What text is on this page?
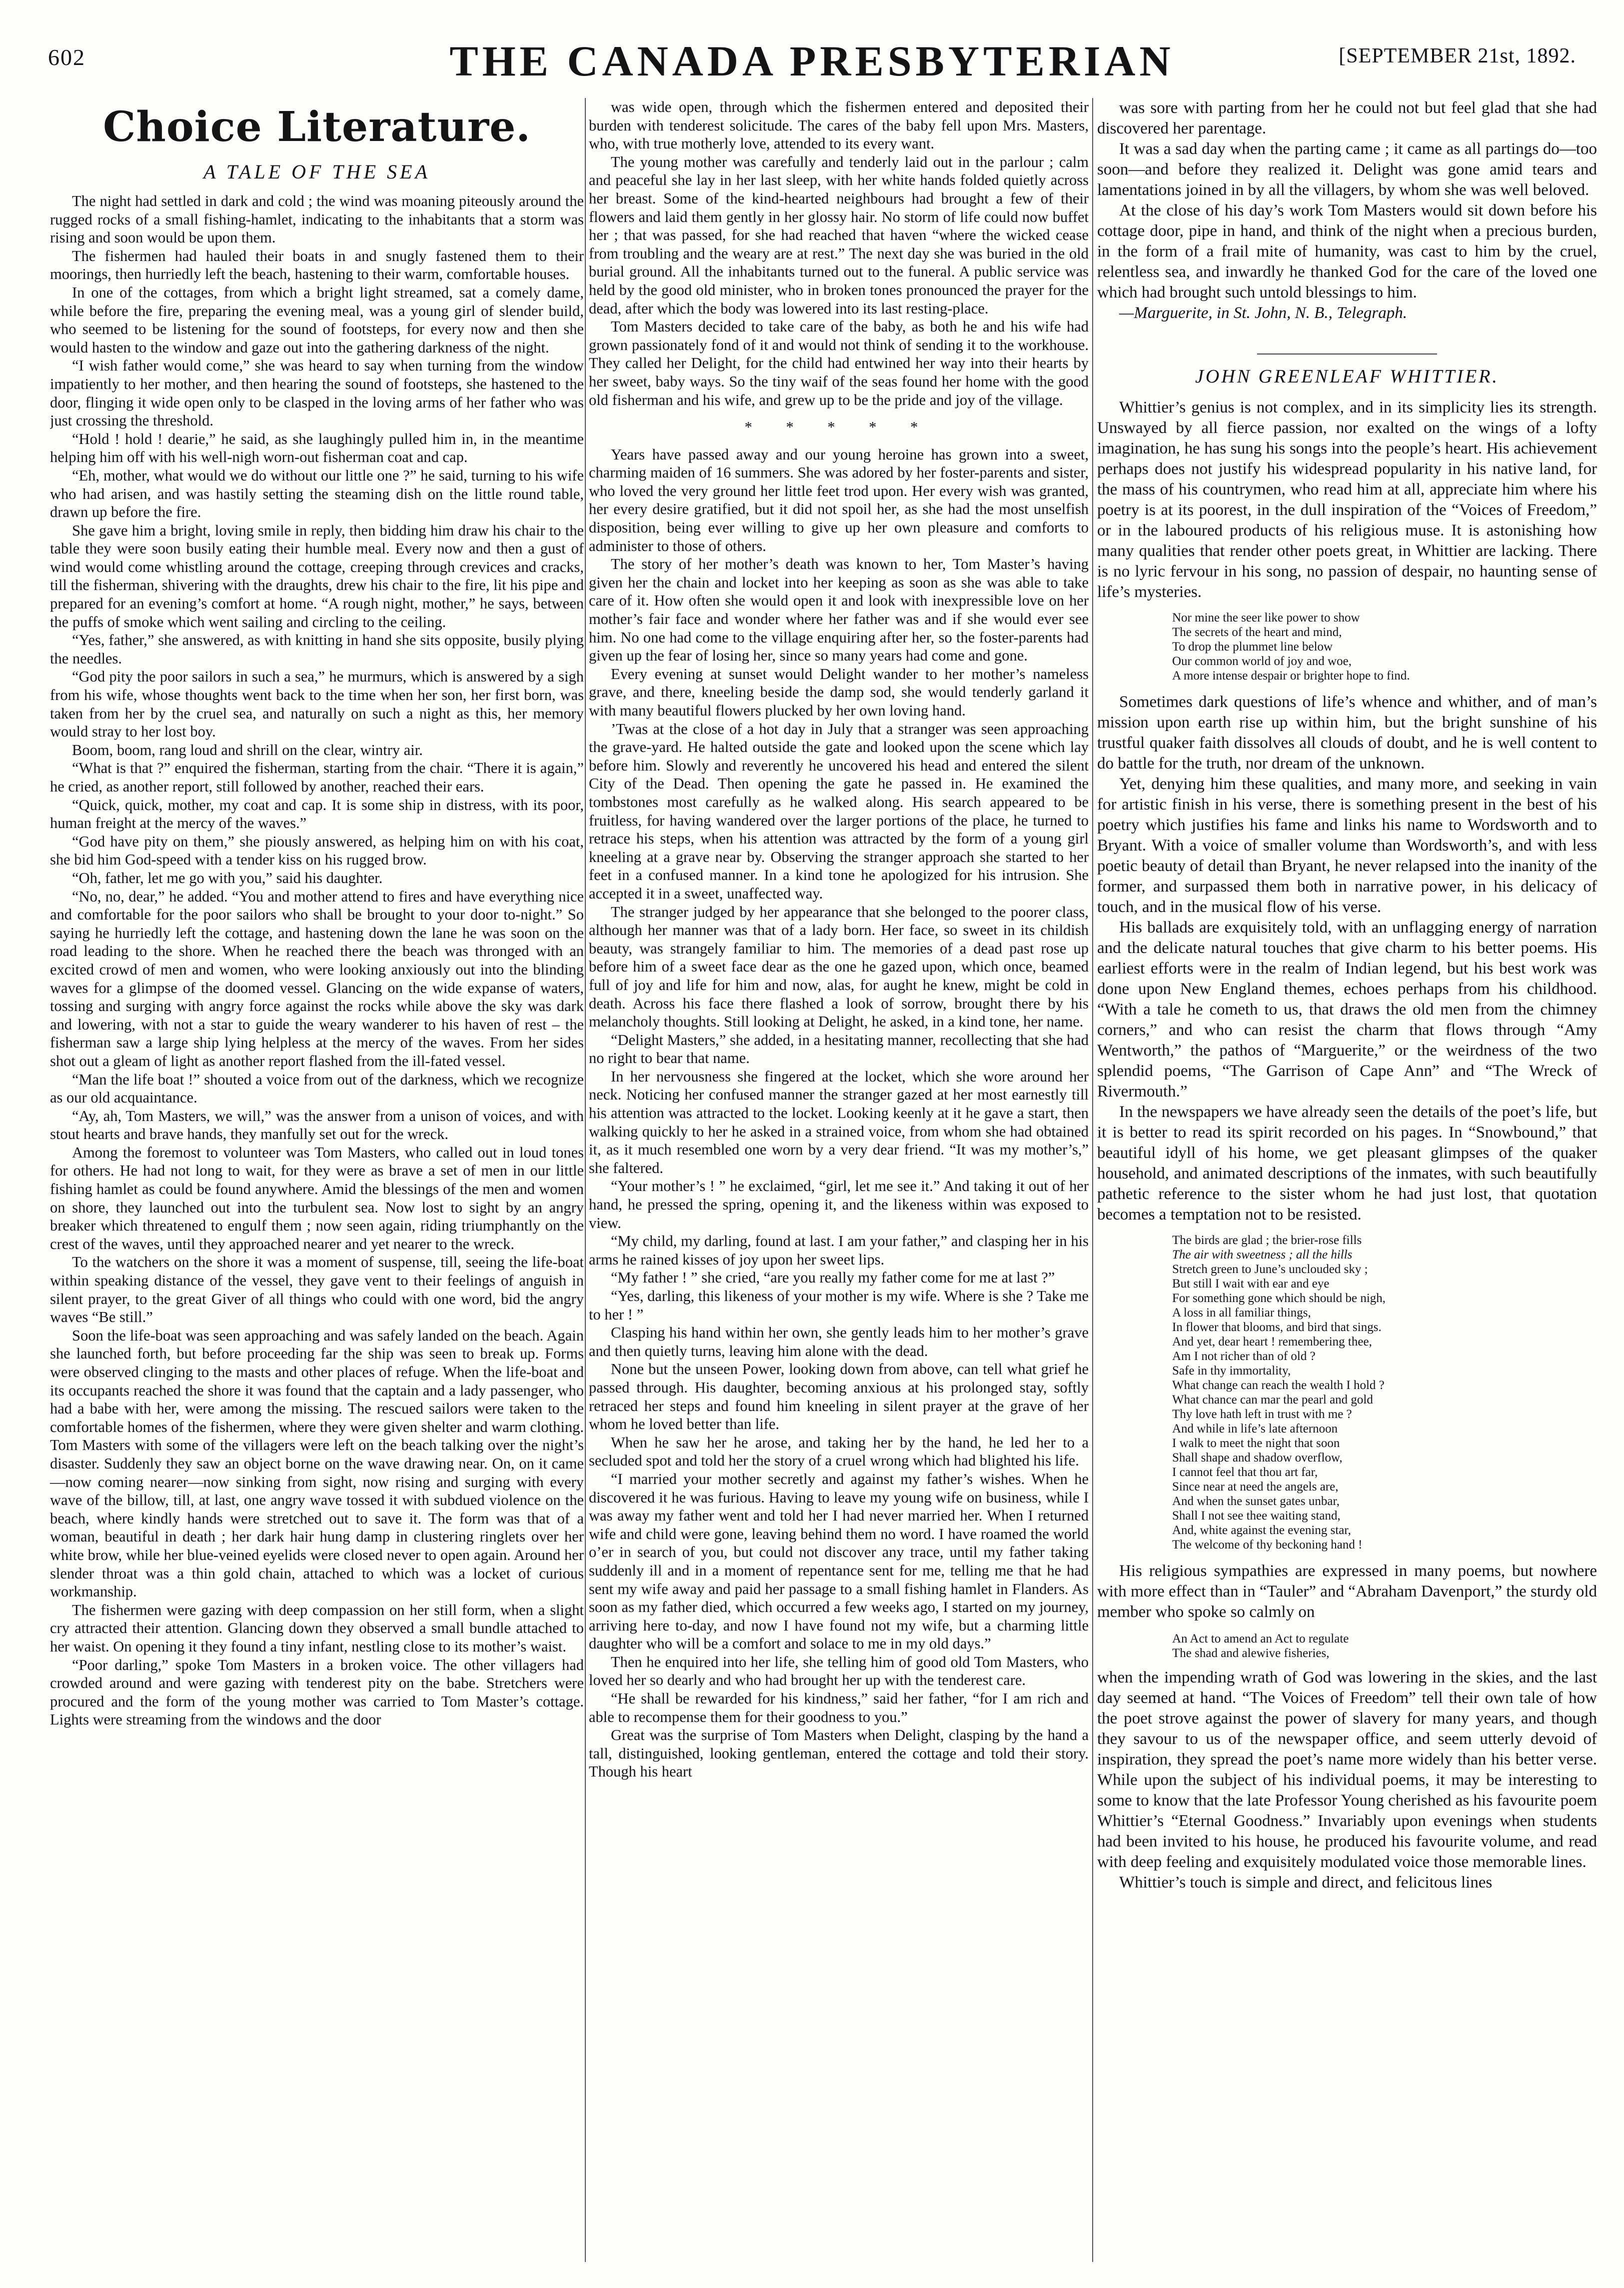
602	THE CANADA PRESBYTERIAN	[SEPTEMBER 21st, 1892.
Choice Literature.
A TALE OF THE SEA

The night had settled in dark and cold ; the wind was moaning piteously around the rugged rocks of a small fishing-hamlet, indicating to the inhabitants that a storm was rising and soon would be upon them.

The fishermen had hauled their boats in and snugly fastened them to their moorings, then hurriedly left the beach, hastening to their warm, comfortable houses.

In one of the cottages, from which a bright light streamed, sat a comely dame, while before the fire, preparing the evening meal, was a young girl of slender build, who seemed to be listening for the sound of footsteps, for every now and then she would hasten to the window and gaze out into the gathering darkness of the night.

“I wish father would come,” she was heard to say when turning from the window impatiently to her mother, and then hearing the sound of footsteps, she hastened to the door, flinging it wide open only to be clasped in the loving arms of her father who was just crossing the threshold.

“Hold ! hold ! dearie,” he said, as she laughingly pulled him in, in the meantime helping him off with his well-nigh worn-out fisherman coat and cap.

“Eh, mother, what would we do without our little one ?” he said, turning to his wife who had arisen, and was hastily setting the steaming dish on the little round table, drawn up before the fire.

She gave him a bright, loving smile in reply, then bidding him draw his chair to the table they were soon busily eating their humble meal. Every now and then a gust of wind would come whistling around the cottage, creeping through crevices and cracks, till the fisherman, shivering with the draughts, drew his chair to the fire, lit his pipe and prepared for an evening’s comfort at home. “A rough night, mother,” he says, between the puffs of smoke which went sailing and circling to the ceiling.

“Yes, father,” she answered, as with knitting in hand she sits opposite, busily plying the needles.

“God pity the poor sailors in such a sea,” he murmurs, which is answered by a sigh from his wife, whose thoughts went back to the time when her son, her first born, was taken from her by the cruel sea, and naturally on such a night as this, her memory would stray to her lost boy.

Boom, boom, rang loud and shrill on the clear, wintry air.

“What is that ?” enquired the fisherman, starting from the chair. “There it is again,” he cried, as another report, still followed by another, reached their ears.

“Quick, quick, mother, my coat and cap. It is some ship in distress, with its poor, human freight at the mercy of the waves.”

“God have pity on them,” she piously answered, as helping him on with his coat, she bid him God-speed with a tender kiss on his rugged brow.

“Oh, father, let me go with you,” said his daughter.

“No, no, dear,” he added. “You and mother attend to fires and have everything nice and comfortable for the poor sailors who shall be brought to your door to-night.” So saying he hurriedly left the cottage, and hastening down the lane he was soon on the road leading to the shore. When he reached there the beach was thronged with an excited crowd of men and women, who were looking anxiously out into the blinding waves for a glimpse of the doomed vessel. Glancing on the wide expanse of waters, tossing and surging with angry force against the rocks while above the sky was dark and lowering, with not a star to guide the weary wanderer to his haven of rest – the fisherman saw a large ship lying helpless at the mercy of the waves. From her sides shot out a gleam of light as another report flashed from the ill-fated vessel.

“Man the life boat !” shouted a voice from out of the darkness, which we recognize as our old acquaintance.

“Ay, ah, Tom Masters, we will,” was the answer from a unison of voices, and with stout hearts and brave hands, they manfully set out for the wreck.

Among the foremost to volunteer was Tom Masters, who called out in loud tones for others. He had not long to wait, for they were as brave a set of men in our little fishing hamlet as could be found anywhere. Amid the blessings of the men and women on shore, they launched out into the turbulent sea. Now lost to sight by an angry breaker which threatened to engulf them ; now seen again, riding triumphantly on the crest of the waves, until they approached nearer and yet nearer to the wreck.

To the watchers on the shore it was a moment of suspense, till, seeing the life-boat within speaking distance of the vessel, they gave vent to their feelings of anguish in silent prayer, to the great Giver of all things who could with one word, bid the angry waves “Be still.”

Soon the life-boat was seen approaching and was safely landed on the beach. Again she launched forth, but before proceeding far the ship was seen to break up. Forms were observed clinging to the masts and other places of refuge. When the life-boat and its occupants reached the shore it was found that the captain and a lady passenger, who had a babe with her, were among the missing. The rescued sailors were taken to the comfortable homes of the fishermen, where they were given shelter and warm clothing. Tom Masters with some of the villagers were left on the beach talking over the night’s disaster. Suddenly they saw an object borne on the wave drawing near. On, on it came—now coming nearer—now sinking from sight, now rising and surging with every wave of the billow, till, at last, one angry wave tossed it with subdued violence on the beach, where kindly hands were stretched out to save it. The form was that of a woman, beautiful in death ; her dark hair hung damp in clustering ringlets over her white brow, while her blue-veined eyelids were closed never to open again. Around her slender throat was a thin gold chain, attached to which was a locket of curious workmanship.

The fishermen were gazing with deep compassion on her still form, when a slight cry attracted their attention. Glancing down they observed a small bundle attached to her waist. On opening it they found a tiny infant, nestling close to its mother’s waist.

“Poor darling,” spoke Tom Masters in a broken voice. The other villagers had crowded around and were gazing with tenderest pity on the babe. Stretchers were procured and the form of the young mother was carried to Tom Master’s cottage. Lights were streaming from the windows and the door

was wide open, through which the fishermen entered and deposited their burden with tenderest solicitude. The cares of the baby fell upon Mrs. Masters, who, with true motherly love, attended to its every want.

The young mother was carefully and tenderly laid out in the parlour ; calm and peaceful she lay in her last sleep, with her white hands folded quietly across her breast. Some of the kind-hearted neighbours had brought a few of their flowers and laid them gently in her glossy hair. No storm of life could now buffet her ; that was passed, for she had reached that haven “where the wicked cease from troubling and the weary are at rest.” The next day she was buried in the old burial ground. All the inhabitants turned out to the funeral. A public service was held by the good old minister, who in broken tones pronounced the prayer for the dead, after which the body was lowered into its last resting-place.

Tom Masters decided to take care of the baby, as both he and his wife had grown passionately fond of it and would not think of sending it to the workhouse. They called her Delight, for the child had entwined her way into their hearts by her sweet, baby ways. So the tiny waif of the seas found her home with the good old fisherman and his wife, and grew up to be the pride and joy of the village.

* * * * *

Years have passed away and our young heroine has grown into a sweet, charming maiden of 16 summers. She was adored by her foster-parents and sister, who loved the very ground her little feet trod upon. Her every wish was granted, her every desire gratified, but it did not spoil her, as she had the most unselfish disposition, being ever willing to give up her own pleasure and comforts to administer to those of others.

The story of her mother’s death was known to her, Tom Master’s having given her the chain and locket into her keeping as soon as she was able to take care of it. How often she would open it and look with inexpressible love on her mother’s fair face and wonder where her father was and if she would ever see him. No one had come to the village enquiring after her, so the foster-parents had given up the fear of losing her, since so many years had come and gone.

Every evening at sunset would Delight wander to her mother’s nameless grave, and there, kneeling beside the damp sod, she would tenderly garland it with many beautiful flowers plucked by her own loving hand.

’Twas at the close of a hot day in July that a stranger was seen approaching the grave-yard. He halted outside the gate and looked upon the scene which lay before him. Slowly and reverently he uncovered his head and entered the silent City of the Dead. Then opening the gate he passed in. He examined the tombstones most carefully as he walked along. His search appeared to be fruitless, for having wandered over the larger portions of the place, he turned to retrace his steps, when his attention was attracted by the form of a young girl kneeling at a grave near by. Observing the stranger approach she started to her feet in a confused manner. In a kind tone he apologized for his intrusion. She accepted it in a sweet, unaffected way.

The stranger judged by her appearance that she belonged to the poorer class, although her manner was that of a lady born. Her face, so sweet in its childish beauty, was strangely familiar to him. The memories of a dead past rose up before him of a sweet face dear as the one he gazed upon, which once, beamed full of joy and life for him and now, alas, for aught he knew, might be cold in death. Across his face there flashed a look of sorrow, brought there by his melancholy thoughts. Still looking at Delight, he asked, in a kind tone, her name.

“Delight Masters,” she added, in a hesitating manner, recollecting that she had no right to bear that name.

In her nervousness she fingered at the locket, which she wore around her neck. Noticing her confused manner the stranger gazed at her most earnestly till his attention was attracted to the locket. Looking keenly at it he gave a start, then walking quickly to her he asked in a strained voice, from whom she had obtained it, as it much resembled one worn by a very dear friend. “It was my mother’s,” she faltered.

“Your mother’s ! ” he exclaimed, “girl, let me see it.” And taking it out of her hand, he pressed the spring, opening it, and the likeness within was exposed to view.

“My child, my darling, found at last. I am your father,” and clasping her in his arms he rained kisses of joy upon her sweet lips.

“My father ! ” she cried, “are you really my father come for me at last ?”

“Yes, darling, this likeness of your mother is my wife. Where is she ? Take me to her ! ”

Clasping his hand within her own, she gently leads him to her mother’s grave and then quietly turns, leaving him alone with the dead.

None but the unseen Power, looking down from above, can tell what grief he passed through. His daughter, becoming anxious at his prolonged stay, softly retraced her steps and found him kneeling in silent prayer at the grave of her whom he loved better than life.

When he saw her he arose, and taking her by the hand, he led her to a secluded spot and told her the story of a cruel wrong which had blighted his life.

“I married your mother secretly and against my father’s wishes. When he discovered it he was furious. Having to leave my young wife on business, while I was away my father went and told her I had never married her. When I returned wife and child were gone, leaving behind them no word. I have roamed the world o’er in search of you, but could not discover any trace, until my father taking suddenly ill and in a moment of repentance sent for me, telling me that he had sent my wife away and paid her passage to a small fishing hamlet in Flanders. As soon as my father died, which occurred a few weeks ago, I started on my journey, arriving here to-day, and now I have found not my wife, but a charming little daughter who will be a comfort and solace to me in my old days.”

Then he enquired into her life, she telling him of good old Tom Masters, who loved her so dearly and who had brought her up with the tenderest care.

“He shall be rewarded for his kindness,” said her father, “for I am rich and able to recompense them for their goodness to you.”

Great was the surprise of Tom Masters when Delight, clasping by the hand a tall, distinguished, looking gentleman, entered the cottage and told their story. Though his heart

was sore with parting from her he could not but feel glad that she had discovered her parentage.

It was a sad day when the parting came ; it came as all partings do—too soon—and before they realized it. Delight was gone amid tears and lamentations joined in by all the villagers, by whom she was well beloved.

At the close of his day’s work Tom Masters would sit down before his cottage door, pipe in hand, and think of the night when a precious burden, in the form of a frail mite of humanity, was cast to him by the cruel, relentless sea, and inwardly he thanked God for the care of the loved one which had brought such untold blessings to him.

—Marguerite, in St. John, N. B., Telegraph.

JOHN GREENLEAF WHITTIER.

Whittier’s genius is not complex, and in its simplicity lies its strength. Unswayed by all fierce passion, nor exalted on the wings of a lofty imagination, he has sung his songs into the people’s heart. His achievement perhaps does not justify his widespread popularity in his native land, for the mass of his countrymen, who read him at all, appreciate him where his poetry is at its poorest, in the dull inspiration of the “Voices of Freedom,” or in the laboured products of his religious muse. It is astonishing how many qualities that render other poets great, in Whittier are lacking. There is no lyric fervour in his song, no passion of despair, no haunting sense of life’s mysteries.

Nor mine the seer like power to show
The secrets of the heart and mind,
To drop the plummet line below
Our common world of joy and woe,
A more intense despair or brighter hope to find.

Sometimes dark questions of life’s whence and whither, and of man’s mission upon earth rise up within him, but the bright sunshine of his trustful quaker faith dissolves all clouds of doubt, and he is well content to do battle for the truth, nor dream of the unknown.

Yet, denying him these qualities, and many more, and seeking in vain for artistic finish in his verse, there is something present in the best of his poetry which justifies his fame and links his name to Wordsworth and to Bryant. With a voice of smaller volume than Wordsworth’s, and with less poetic beauty of detail than Bryant, he never relapsed into the inanity of the former, and surpassed them both in narrative power, in his delicacy of touch, and in the musical flow of his verse.

His ballads are exquisitely told, with an unflagging energy of narration and the delicate natural touches that give charm to his better poems. His earliest efforts were in the realm of Indian legend, but his best work was done upon New England themes, echoes perhaps from his childhood. “With a tale he cometh to us, that draws the old men from the chimney corners,” and who can resist the charm that flows through “Amy Wentworth,” the pathos of “Marguerite,” or the weirdness of the two splendid poems, “The Garrison of Cape Ann” and “The Wreck of Rivermouth.”

In the newspapers we have already seen the details of the poet’s life, but it is better to read its spirit recorded on his pages. In “Snowbound,” that beautiful idyll of his home, we get pleasant glimpses of the quaker household, and animated descriptions of the inmates, with such beautifully pathetic reference to the sister whom he had just lost, that quotation becomes a temptation not to be resisted.

The birds are glad ; the brier-rose fills
The air with sweetness ; all the hills
Stretch green to June’s unclouded sky ;
But still I wait with ear and eye
For something gone which should be nigh,
A loss in all familiar things,
In flower that blooms, and bird that sings.
And yet, dear heart ! remembering thee,
Am I not richer than of old ?
Safe in thy immortality,
What change can reach the wealth I hold ?
What chance can mar the pearl and gold
Thy love hath left in trust with me ?
And while in life’s late afternoon
I walk to meet the night that soon
Shall shape and shadow overflow,
I cannot feel that thou art far,
Since near at need the angels are,
And when the sunset gates unbar,
Shall I not see thee waiting stand,
And, white against the evening star,
The welcome of thy beckoning hand !

His religious sympathies are expressed in many poems, but nowhere with more effect than in “Tauler” and “Abraham Davenport,” the sturdy old member who spoke so calmly on

An Act to amend an Act to regulate
The shad and alewive fisheries,

when the impending wrath of God was lowering in the skies, and the last day seemed at hand. “The Voices of Freedom” tell their own tale of how the poet strove against the power of slavery for many years, and though they savour to us of the newspaper office, and seem utterly devoid of inspiration, they spread the poet’s name more widely than his better verse. While upon the subject of his individual poems, it may be interesting to some to know that the late Professor Young cherished as his favourite poem Whittier’s “Eternal Goodness.” Invariably upon evenings when students had been invited to his house, he produced his favourite volume, and read with deep feeling and exquisitely modulated voice those memorable lines.

Whittier’s touch is simple and direct, and felicitous lines
